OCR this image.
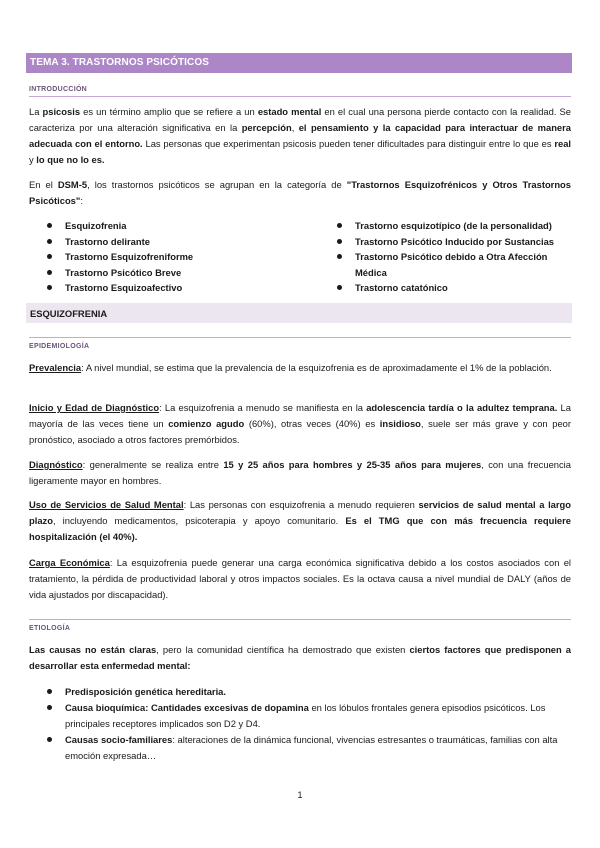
TEMA 3. TRASTORNOS PSICÓTICOS
INTRODUCCIÓN

La psicosis es un término amplio que se refiere a un estado mental en el cual una persona pierde contacto con la realidad. Se caracteriza por una alteración significativa en la percepción, el pensamiento y la capacidad para interactuar de manera adecuada con el entorno. Las personas que experimentan psicosis pueden tener dificultades para distinguir entre lo que es real y lo que no lo es.

En el DSM-5, los trastornos psicóticos se agrupan en la categoría de "Trastornos Esquizofrénicos y Otros Trastornos Psicóticos":

Esquizofrenia
Trastorno delirante
Trastorno Esquizofreniforme
Trastorno Psicótico Breve
Trastorno Esquizoafectivo
Trastorno esquizotípico (de la personalidad)
Trastorno Psicótico Inducido por Sustancias
Trastorno Psicótico debido a Otra Afección Médica
Trastorno catatónico
ESQUIZOFRENIA
EPIDEMIOLOGÍA

Prevalencia: A nivel mundial, se estima que la prevalencia de la esquizofrenia es de aproximadamente el 1% de la población.

Inicio y Edad de Diagnóstico: La esquizofrenia a menudo se manifiesta en la adolescencia tardía o la adultez temprana. La mayoría de las veces tiene un comienzo agudo (60%), otras veces (40%) es insidioso, suele ser más grave y con peor pronóstico, asociado a otros factores premórbidos.

Diagnóstico: generalmente se realiza entre 15 y 25 años para hombres y 25-35 años para mujeres, con una frecuencia ligeramente mayor en hombres.

Uso de Servicios de Salud Mental: Las personas con esquizofrenia a menudo requieren servicios de salud mental a largo plazo, incluyendo medicamentos, psicoterapia y apoyo comunitario. Es el TMG que con más frecuencia requiere hospitalización (el 40%).

Carga Económica: La esquizofrenia puede generar una carga económica significativa debido a los costos asociados con el tratamiento, la pérdida de productividad laboral y otros impactos sociales. Es la octava causa a nivel mundial de DALY (años de vida ajustados por discapacidad).

ETIOLOGÍA

Las causas no están claras, pero la comunidad científica ha demostrado que existen ciertos factores que predisponen a desarrollar esta enfermedad mental:

Predisposición genética hereditaria.
Causa bioquímica: Cantidades excesivas de dopamina en los lóbulos frontales genera episodios psicóticos. Los principales receptores implicados son D2 y D4.
Causas socio-familiares: alteraciones de la dinámica funcional, vivencias estresantes o traumáticas, familias con alta emoción expresada…
1
